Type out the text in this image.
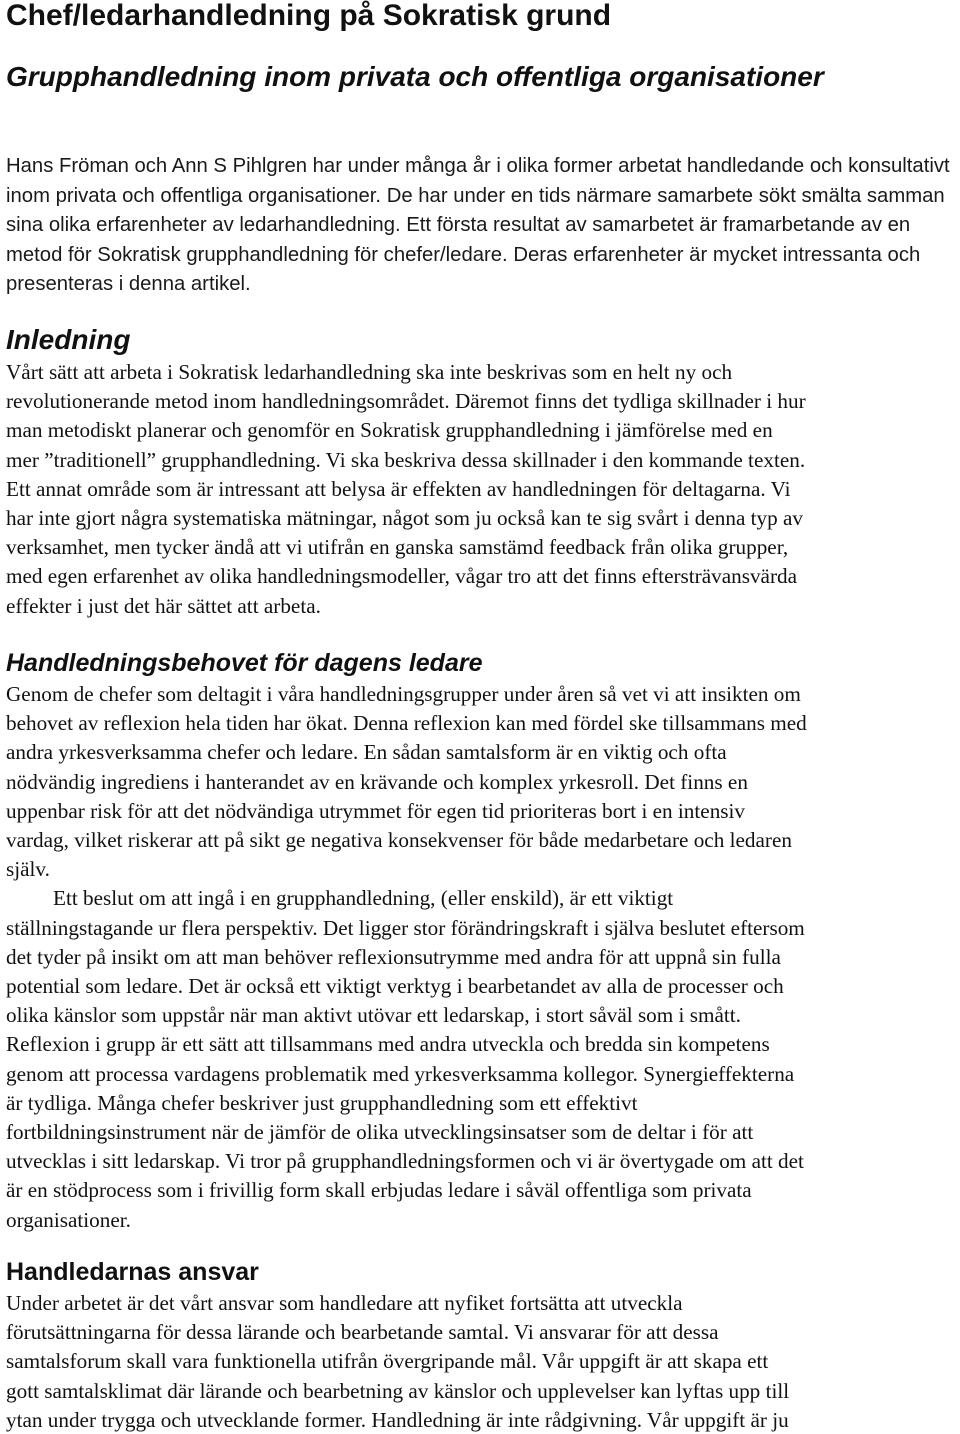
Chef/ledarhandledning på Sokratisk grund
Grupphandledning inom privata och offentliga organisationer

Hans Fröman och Ann S Pihlgren har under många år i olika former arbetat handledande och konsultativt inom privata och offentliga organisationer. De har under en tids närmare samarbete sökt smälta samman sina olika erfarenheter av ledarhandledning. Ett första resultat av samarbetet är framarbetande av en metod för Sokratisk grupphandledning för chefer/ledare. Deras erfarenheter är mycket intressanta och presenteras i denna artikel.

Inledning
Vårt sätt att arbeta i Sokratisk ledarhandledning ska inte beskrivas som en helt ny och
revolutionerande metod inom handledningsområdet. Däremot finns det tydliga skillnader i hur
man metodiskt planerar och genomför en Sokratisk grupphandledning i jämförelse med en
mer ”traditionell” grupphandledning. Vi ska beskriva dessa skillnader i den kommande texten.
Ett annat område som är intressant att belysa är effekten av handledningen för deltagarna. Vi
har inte gjort några systematiska mätningar, något som ju också kan te sig svårt i denna typ av
verksamhet, men tycker ändå att vi utifrån en ganska samstämd feedback från olika grupper,
med egen erfarenhet av olika handledningsmodeller, vågar tro att det finns eftersträvansvärda
effekter i just det här sättet att arbeta.
Handledningsbehovet för dagens ledare
Genom de chefer som deltagit i våra handledningsgrupper under åren så vet vi att insikten om
behovet av reflexion hela tiden har ökat. Denna reflexion kan med fördel ske tillsammans med
andra yrkesverksamma chefer och ledare. En sådan samtalsform är en viktig och ofta
nödvändig ingrediens i hanterandet av en krävande och komplex yrkesroll. Det finns en
uppenbar risk för att det nödvändiga utrymmet för egen tid prioriteras bort i en intensiv
vardag, vilket riskerar att på sikt ge negativa konsekvenser för både medarbetare och ledaren
själv.
Ett beslut om att ingå i en grupphandledning, (eller enskild), är ett viktigt
ställningstagande ur flera perspektiv. Det ligger stor förändringskraft i själva beslutet eftersom
det tyder på insikt om att man behöver reflexionsutrymme med andra för att uppnå sin fulla
potential som ledare. Det är också ett viktigt verktyg i bearbetandet av alla de processer och
olika känslor som uppstår när man aktivt utövar ett ledarskap, i stort såväl som i smått.
Reflexion i grupp är ett sätt att tillsammans med andra utveckla och bredda sin kompetens
genom att processa vardagens problematik med yrkesverksamma kollegor. Synergieffekterna
är tydliga. Många chefer beskriver just grupphandledning som ett effektivt
fortbildningsinstrument när de jämför de olika utvecklingsinsatser som de deltar i för att
utvecklas i sitt ledarskap. Vi tror på grupphandledningsformen och vi är övertygade om att det
är en stödprocess som i frivillig form skall erbjudas ledare i såväl offentliga som privata
organisationer.
Handledarnas ansvar
Under arbetet är det vårt ansvar som handledare att nyfiket fortsätta att utveckla
förutsättningarna för dessa lärande och bearbetande samtal. Vi ansvarar för att dessa
samtalsforum skall vara funktionella utifrån övergripande mål. Vår uppgift är att skapa ett
gott samtalsklimat där lärande och bearbetning av känslor och upplevelser kan lyftas upp till
ytan under trygga och utvecklande former. Handledning är inte rådgivning. Vår uppgift är ju
